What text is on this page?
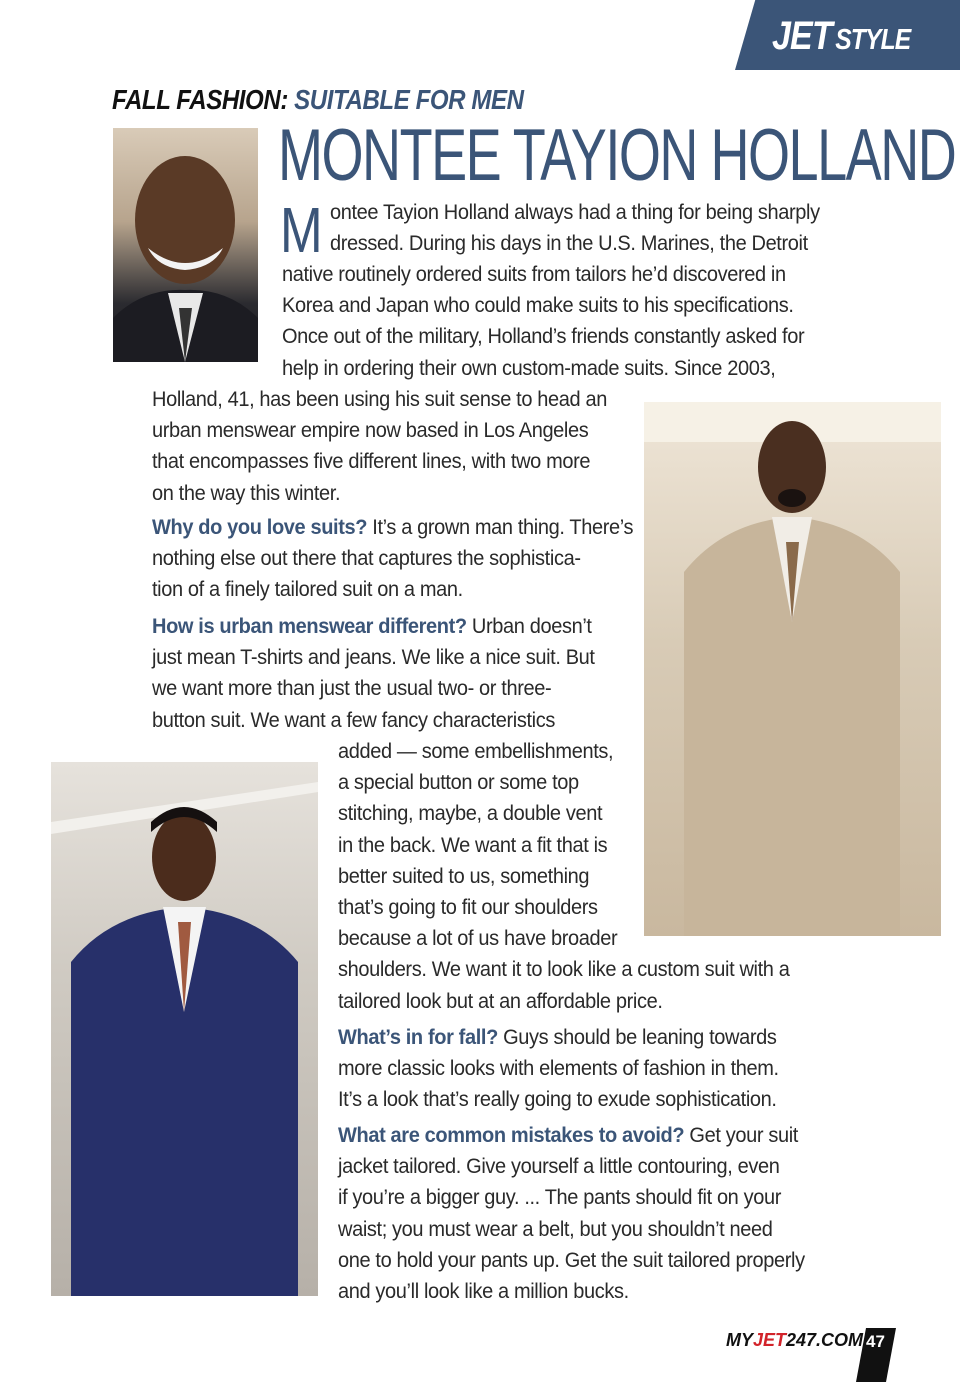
JET STYLE
FALL FASHION: SUITABLE FOR MEN
MONTEE TAYION HOLLAND
M ontee Tayion Holland always had a thing for being sharply
dressed. During his days in the U.S. Marines, the Detroit
native routinely ordered suits from tailors he’d discovered in
Korea and Japan who could make suits to his specifications.
Once out of the military, Holland’s friends constantly asked for
help in ordering their own custom-made suits. Since 2003,
Holland, 41, has been using his suit sense to head an
urban menswear empire now based in Los Angeles
that encompasses five different lines, with two more
on the way this winter.
Why do you love suits? It’s a grown man thing. There’s
nothing else out there that captures the sophistica-
tion of a finely tailored suit on a man.
How is urban menswear different? Urban doesn’t
just mean T-shirts and jeans. We like a nice suit. But
we want more than just the usual two- or three-
button suit. We want a few fancy characteristics
added — some embellishments,
a special button or some top
stitching, maybe, a double vent
in the back. We want a fit that is
better suited to us, something
that’s going to fit our shoulders
because a lot of us have broader
shoulders. We want it to look like a custom suit with a
tailored look but at an affordable price.
What’s in for fall? Guys should be leaning towards
more classic looks with elements of fashion in them.
It’s a look that’s really going to exude sophistication.
What are common mistakes to avoid? Get your suit
jacket tailored. Give yourself a little contouring, even
if you’re a bigger guy. ... The pants should fit on your
waist; you must wear a belt, but you shouldn’t need
one to hold your pants up. Get the suit tailored properly
and you’ll look like a million bucks.
MYJET247.COM 47
